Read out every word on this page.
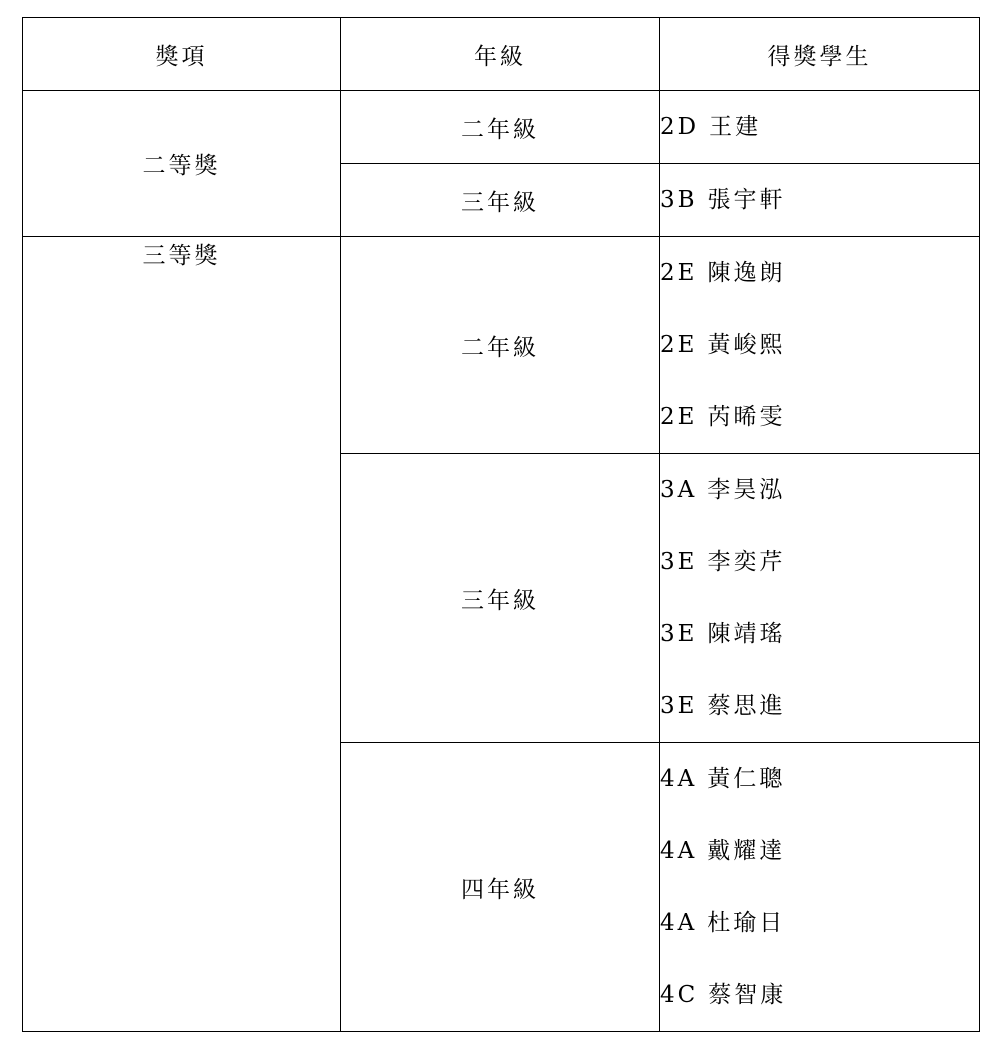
獎項	年級	得獎學生
二等獎	二年級	2D 王建

	三年級	3B 張宇軒

三等獎	二年級	2E 陳逸朗
2E 黃峻熙
2E 芮晞雯

	三年級	3A 李昊泓
3E 李奕芹
3E 陳靖瑤
3E 蔡思進

	四年級	4A 黃仁聰
4A 戴耀達
4A 杜瑜日
4C 蔡智康
